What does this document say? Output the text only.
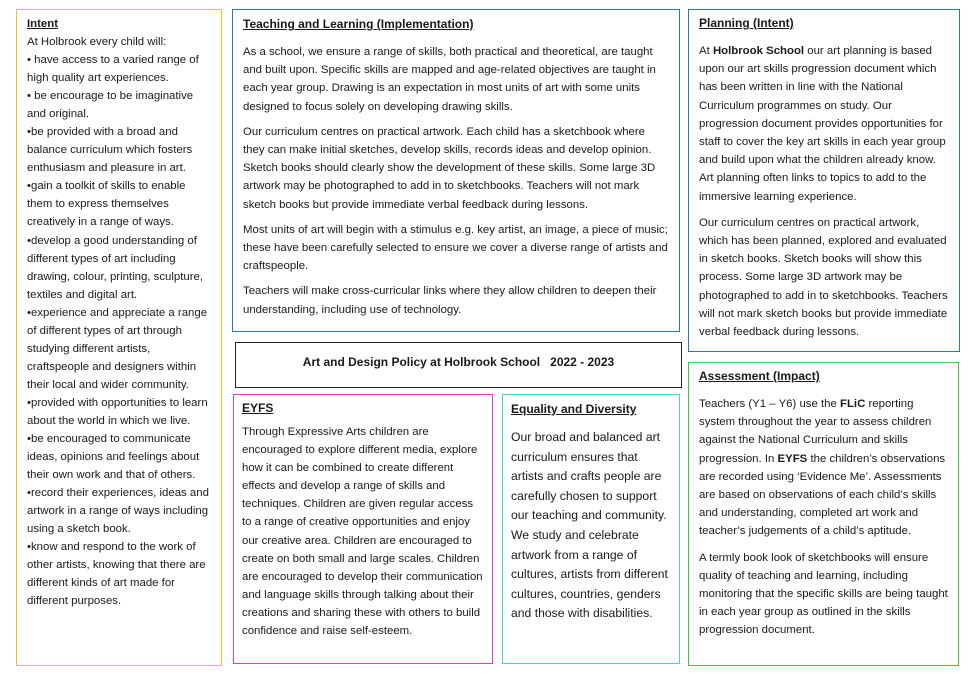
Intent

At Holbrook every child will:

• have access to a varied range of high quality art experiences.
• be encourage to be imaginative and original.
•be provided with a broad and balance curriculum which fosters enthusiasm and pleasure in art.
•gain a toolkit of skills to enable them to express themselves creatively in a range of ways.
•develop a good understanding of different types of art including drawing, colour, printing, sculpture, textiles and digital art.
•experience and appreciate a range of different types of art through studying different artists, craftspeople and designers within their local and wider community.
•provided with opportunities to learn about the world in which we live.
•be encouraged to communicate ideas, opinions and feelings about their own work and that of others.
•record their experiences, ideas and artwork in a range of ways including using a sketch book.
•know and respond to the work of other artists, knowing that there are different kinds of art made for different purposes.

Teaching and Learning (Implementation)

As a school, we ensure a range of skills, both practical and theoretical, are taught and built upon. Specific skills are mapped and age-related objectives are taught in each year group. Drawing is an expectation in most units of art with some units designed to focus solely on developing drawing skills.

Our curriculum centres on practical artwork. Each child has a sketchbook where they can make initial sketches, develop skills, records ideas and develop opinion. Sketch books should clearly show the development of these skills. Some large 3D artwork may be photographed to add in to sketchbooks. Teachers will not mark sketch books but provide immediate verbal feedback during lessons.

Most units of art will begin with a stimulus e.g. key artist, an image, a piece of music; these have been carefully selected to ensure we cover a diverse range of artists and craftspeople.

Teachers will make cross-curricular links where they allow children to deepen their understanding, including use of technology.

Planning (Intent)

At Holbrook School our art planning is based upon our art skills progression document which has been written in line with the National Curriculum programmes on study. Our progression document provides opportunities for staff to cover the key art skills in each year group and build upon what the children already know. Art planning often links to topics to add to the immersive learning experience.

Our curriculum centres on practical artwork, which has been planned, explored and evaluated in sketch books. Sketch books will show this process. Some large 3D artwork may be photographed to add in to sketchbooks. Teachers will not mark sketch books but provide immediate verbal feedback during lessons.

Art and Design Policy at Holbrook School   2022 - 2023

EYFS

Through Expressive Arts children are encouraged to explore different media, explore how it can be combined to create different effects and develop a range of skills and techniques. Children are given regular access to a range of creative opportunities and enjoy our creative area. Children are encouraged to create on both small and large scales. Children are encouraged to develop their communication and language skills through talking about their creations and sharing these with others to build confidence and raise self-esteem.

Equality and Diversity

Our broad and balanced art curriculum ensures that artists and crafts people are carefully chosen to support our teaching and community. We study and celebrate artwork from a range of cultures, artists from different cultures, countries, genders and those with disabilities.

Assessment (Impact)

Teachers (Y1 – Y6) use the FLiC reporting system throughout the year to assess children against the National Curriculum and skills progression. In EYFS the children’s observations are recorded using ‘Evidence Me’. Assessments are based on observations of each child’s skills and understanding, completed art work and teacher’s judgements of a child’s aptitude.

A termly book look of sketchbooks will ensure quality of teaching and learning, including monitoring that the specific skills are being taught in each year group as outlined in the skills progression document.
